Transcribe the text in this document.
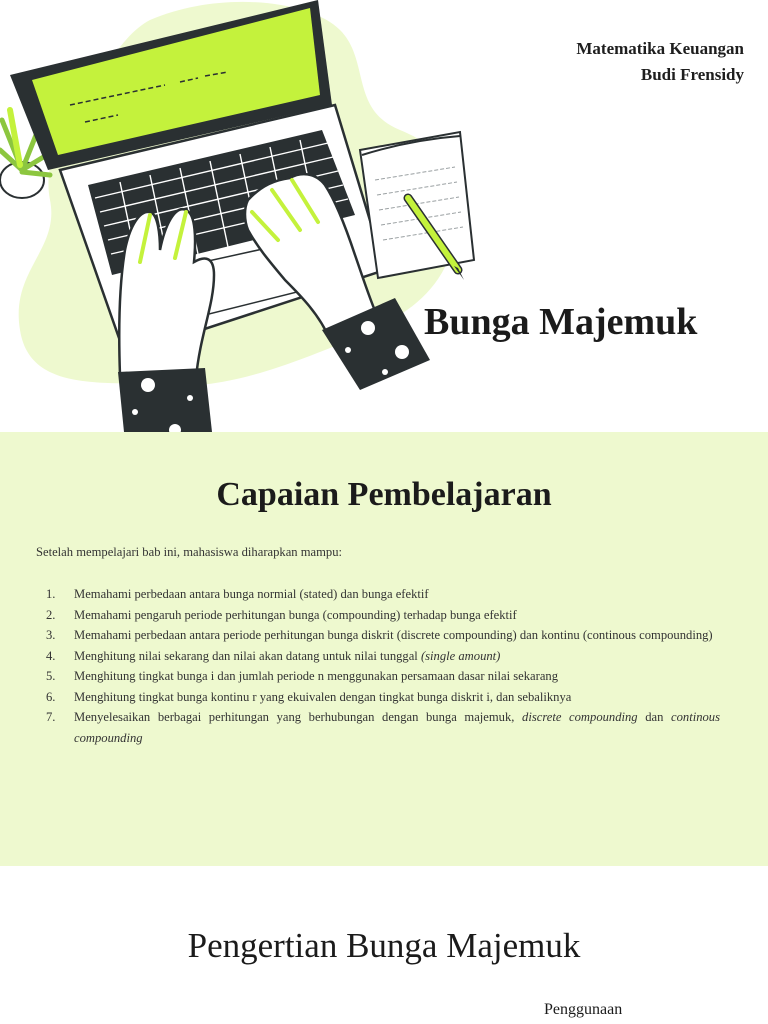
Matematika Keuangan
Budi Frensidy
Bunga Majemuk
Capaian Pembelajaran
Setelah mempelajari bab ini, mahasiswa diharapkan mampu:
1. Memahami perbedaan antara bunga normial (stated) dan bunga efektif
2. Memahami pengaruh periode perhitungan bunga (compounding) terhadap bunga efektif
3. Memahami perbedaan antara periode perhitungan bunga diskrit (discrete compounding) dan kontinu (continous compounding)
4. Menghitung nilai sekarang dan nilai akan datang untuk nilai tunggal (single amount)
5. Menghitung tingkat bunga i dan jumlah periode n menggunakan persamaan dasar nilai sekarang
6. Menghitung tingkat bunga kontinu r yang ekuivalen dengan tingkat bunga diskrit i, dan sebaliknya
7. Menyelesaikan berbagai perhitungan yang berhubungan dengan bunga majemuk, discrete compounding dan continous compounding
Pengertian Bunga Majemuk
Penggunaan
